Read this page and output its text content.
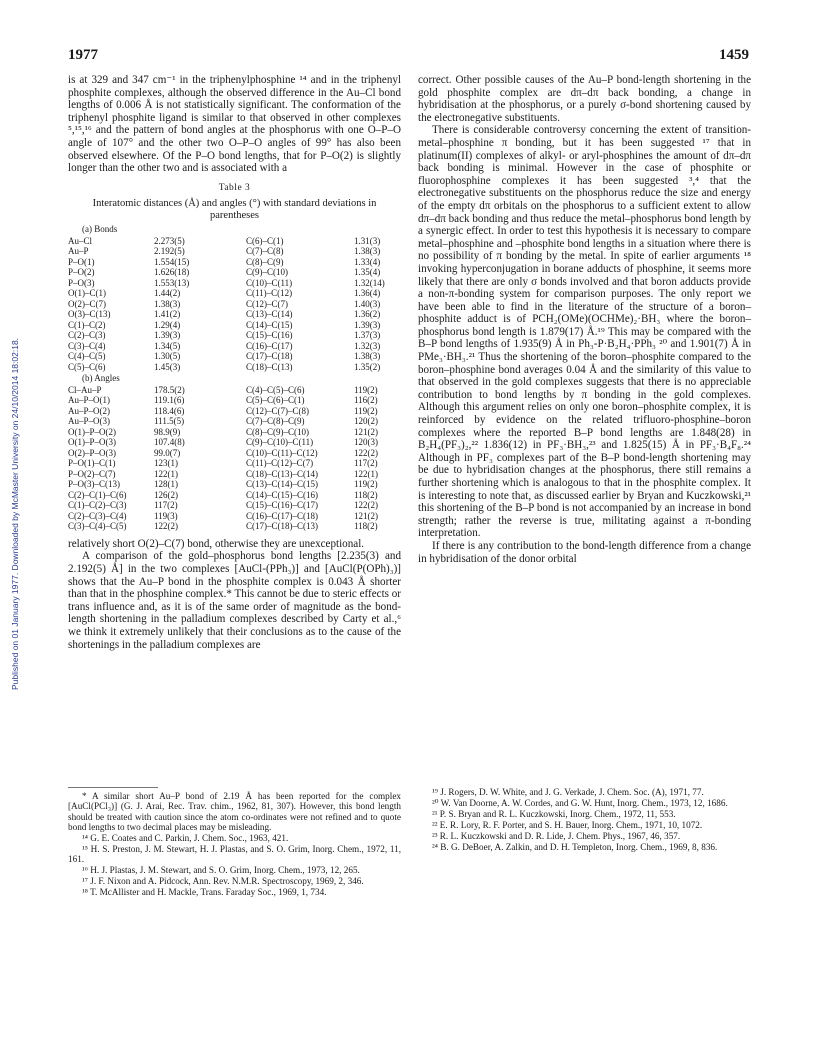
1977	1459
Published on 01 January 1977. Downloaded by McMaster University on 24/10/2014 18:02:18.

is at 329 and 347 cm⁻¹ in the triphenylphosphine ¹⁴ and in the triphenyl phosphite complexes, although the observed difference in the Au–Cl bond lengths of 0.006 Å is not statistically significant. The conformation of the triphenyl phosphite ligand is similar to that observed in other complexes ⁵,¹⁵,¹⁶ and the pattern of bond angles at the phosphorus with one O–P–O angle of 107° and the other two O–P–O angles of 99° has also been observed elsewhere. Of the P–O bond lengths, that for P–O(2) is slightly longer than the other two and is associated with a

Table 3
Interatomic distances (Å) and angles (°) with standard deviations in parentheses
(a) Bonds
Au–Cl	2.273(5)	C(6)–C(1)	1.31(3)
Au–P	2.192(5)	C(7)–C(8)	1.38(3)
P–O(1)	1.554(15)	C(8)–C(9)	1.33(4)
P–O(2)	1.626(18)	C(9)–C(10)	1.35(4)
P–O(3)	1.553(13)	C(10)–C(11)	1.32(14)
O(1)–C(1)	1.44(2)	C(11)–C(12)	1.36(4)
O(2)–C(7)	1.38(3)	C(12)–C(7)	1.40(3)
O(3)–C(13)	1.41(2)	C(13)–C(14)	1.36(2)
C(1)–C(2)	1.29(4)	C(14)–C(15)	1.39(3)
C(2)–C(3)	1.39(3)	C(15)–C(16)	1.37(3)
C(3)–C(4)	1.34(5)	C(16)–C(17)	1.32(3)
C(4)–C(5)	1.30(5)	C(17)–C(18)	1.38(3)
C(5)–C(6)	1.45(3)	C(18)–C(13)	1.35(2)
(b) Angles
Cl–Au–P	178.5(2)	C(4)–C(5)–C(6)	119(2)
Au–P–O(1)	119.1(6)	C(5)–C(6)–C(1)	116(2)
Au–P–O(2)	118.4(6)	C(12)–C(7)–C(8)	119(2)
Au–P–O(3)	111.5(5)	C(7)–C(8)–C(9)	120(2)
O(1)–P–O(2)	98.9(9)	C(8)–C(9)–C(10)	121(2)
O(1)–P–O(3)	107.4(8)	C(9)–C(10)–C(11)	120(3)
O(2)–P–O(3)	99.0(7)	C(10)–C(11)–C(12)	122(2)
P–O(1)–C(1)	123(1)	C(11)–C(12)–C(7)	117(2)
P–O(2)–C(7)	122(1)	C(18)–C(13)–C(14)	122(1)
P–O(3)–C(13)	128(1)	C(13)–C(14)–C(15)	119(2)
C(2)–C(1)–C(6)	126(2)	C(14)–C(15)–C(16)	118(2)
C(1)–C(2)–C(3)	117(2)	C(15)–C(16)–C(17)	122(2)
C(2)–C(3)–C(4)	119(3)	C(16)–C(17)–C(18)	121(2)
C(3)–C(4)–C(5)	122(2)	C(17)–C(18)–C(13)	118(2)

relatively short O(2)–C(7) bond, otherwise they are unexceptional.

A comparison of the gold–phosphorus bond lengths [2.235(3) and 2.192(5) Å] in the two complexes [AuCl-(PPh₃)] and [AuCl(P(OPh)₃)] shows that the Au–P bond in the phosphite complex is 0.043 Å shorter than that in the phosphine complex.* This cannot be due to steric effects or trans influence and, as it is of the same order of magnitude as the bond-length shortening in the palladium complexes described by Carty et al.,⁶ we think it extremely unlikely that their conclusions as to the cause of the shortenings in the palladium complexes are

correct. Other possible causes of the Au–P bond-length shortening in the gold phosphite complex are dπ–dπ back bonding, a change in hybridisation at the phosphorus, or a purely σ-bond shortening caused by the electronegative substituents.

There is considerable controversy concerning the extent of transition-metal–phosphine π bonding, but it has been suggested ¹⁷ that in platinum(II) complexes of alkyl- or aryl-phosphines the amount of dπ–dπ back bonding is minimal. However in the case of phosphite or fluorophosphine complexes it has been suggested ³,⁴ that the electronegative substituents on the phosphorus reduce the size and energy of the empty dπ orbitals on the phosphorus to a sufficient extent to allow dπ–dπ back bonding and thus reduce the metal–phosphorus bond length by a synergic effect. In order to test this hypothesis it is necessary to compare metal–phosphine and –phosphite bond lengths in a situation where there is no possibility of π bonding by the metal. In spite of earlier arguments ¹⁸ invoking hyperconjugation in borane adducts of phosphine, it seems more likely that there are only σ bonds involved and that boron adducts provide a non-π-bonding system for comparison purposes. The only report we have been able to find in the literature of the structure of a boron–phosphite adduct is of PCH₂(OMe)(OCHMe)₂·BH₃ where the boron–phosphorus bond length is 1.879(17) Å.¹⁹ This may be compared with the B–P bond lengths of 1.935(9) Å in Ph₃-P·B₂H₄·PPh₃ ²⁰ and 1.901(7) Å in PMe₃·BH₃.²¹ Thus the shortening of the boron–phosphite compared to the boron–phosphine bond averages 0.04 Å and the similarity of this value to that observed in the gold complexes suggests that there is no appreciable contribution to bond lengths by π bonding in the gold complexes. Although this argument relies on only one boron–phosphite complex, it is reinforced by evidence on the related trifluoro-phosphine–boron complexes where the reported B–P bond lengths are 1.848(28) in B₂H₄(PF₃)₂,²² 1.836(12) in PF₃·BH₃,²³ and 1.825(15) Å in PF₃·B₄F₈.²⁴ Although in PF₃ complexes part of the B–P bond-length shortening may be due to hybridisation changes at the phosphorus, there still remains a further shortening which is analogous to that in the phosphite complex. It is interesting to note that, as discussed earlier by Bryan and Kuczkowski,²¹ this shortening of the B–P bond is not accompanied by an increase in bond strength; rather the reverse is true, militating against a π-bonding interpretation.

If there is any contribution to the bond-length difference from a change in hybridisation of the donor orbital

* A similar short Au–P bond of 2.19 Å has been reported for the complex [AuCl(PCl₃)] (G. J. Arai, Rec. Trav. chim., 1962, 81, 307). However, this bond length should be treated with caution since the atom co-ordinates were not refined and to quote bond lengths to two decimal places may be misleading.

¹⁴ G. E. Coates and C. Parkin, J. Chem. Soc., 1963, 421.

¹⁵ H. S. Preston, J. M. Stewart, H. J. Plastas, and S. O. Grim, Inorg. Chem., 1972, 11, 161.

¹⁶ H. J. Plastas, J. M. Stewart, and S. O. Grim, Inorg. Chem., 1973, 12, 265.

¹⁷ J. F. Nixon and A. Pidcock, Ann. Rev. N.M.R. Spectroscopy, 1969, 2, 346.

¹⁸ T. McAllister and H. Mackle, Trans. Faraday Soc., 1969, 1, 734.

¹⁹ J. Rogers, D. W. White, and J. G. Verkade, J. Chem. Soc. (A), 1971, 77.

²⁰ W. Van Doorne, A. W. Cordes, and G. W. Hunt, Inorg. Chem., 1973, 12, 1686.

²¹ P. S. Bryan and R. L. Kuczkowski, Inorg. Chem., 1972, 11, 553.

²² E. R. Lory, R. F. Porter, and S. H. Bauer, Inorg. Chem., 1971, 10, 1072.

²³ R. L. Kuczkowski and D. R. Lide, J. Chem. Phys., 1967, 46, 357.

²⁴ B. G. DeBoer, A. Zalkin, and D. H. Templeton, Inorg. Chem., 1969, 8, 836.
